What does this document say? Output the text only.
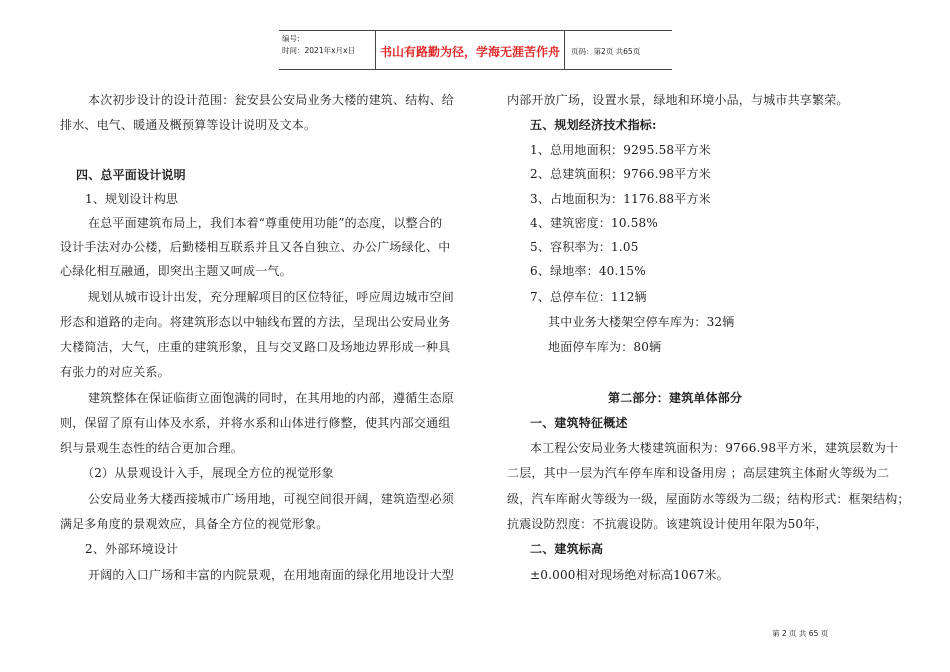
编号:
时间：2021年x月x日	书山有路勤为径，学海无涯苦作舟	页码：第2页 共65页
本次初步设计的设计范围：瓮安县公安局业务大楼的建筑、结构、给
排水、电气、暖通及概预算等设计说明及文本。
四、总平面设计说明
1、规划设计构思
在总平面建筑布局上，我们本着“尊重使用功能”的态度，以整合的
设计手法对办公楼，后勤楼相互联系并且又各自独立、办公广场绿化、中
心绿化相互融通，即突出主题又呵成一气。
规划从城市设计出发，充分理解项目的区位特征，呼应周边城市空间
形态和道路的走向。将建筑形态以中轴线布置的方法，呈现出公安局业务
大楼简洁，大气，庄重的建筑形象，且与交叉路口及场地边界形成一种具
有张力的对应关系。
建筑整体在保证临街立面饱满的同时，在其用地的内部，遵循生态原
则，保留了原有山体及水系，并将水系和山体进行修整，使其内部交通组
织与景观生态性的结合更加合理。
（2）从景观设计入手，展现全方位的视觉形象
公安局业务大楼西接城市广场用地，可视空间很开阔，建筑造型必须
满足多角度的景观效应，具备全方位的视觉形象。
2、外部环境设计
开阔的入口广场和丰富的内院景观，在用地南面的绿化用地设计大型
内部开放广场，设置水景，绿地和环境小品，与城市共享繁荣。
五、规划经济技术指标:
1、总用地面积：9295.58平方米
2、总建筑面积：9766.98平方米
3、占地面积为：1176.88平方米
4、建筑密度：10.58%
5、容积率为：1.05
6、绿地率：40.15%
7、总停车位：112辆
其中业务大楼架空停车库为：32辆
地面停车库为：80辆
第二部分：建筑单体部分
一、建筑特征概述
本工程公安局业务大楼建筑面积为：9766.98平方米，建筑层数为十
二层，其中一层为汽车停车库和设备用房 ；高层建筑主体耐火等级为二
级，汽车库耐火等级为一级，屋面防水等级为二级；结构形式：框架结构；
抗震设防烈度：不抗震设防。该建筑设计使用年限为50年，
二、建筑标高
±0.000相对现场绝对标高1067米。
第 2 页 共 65 页
